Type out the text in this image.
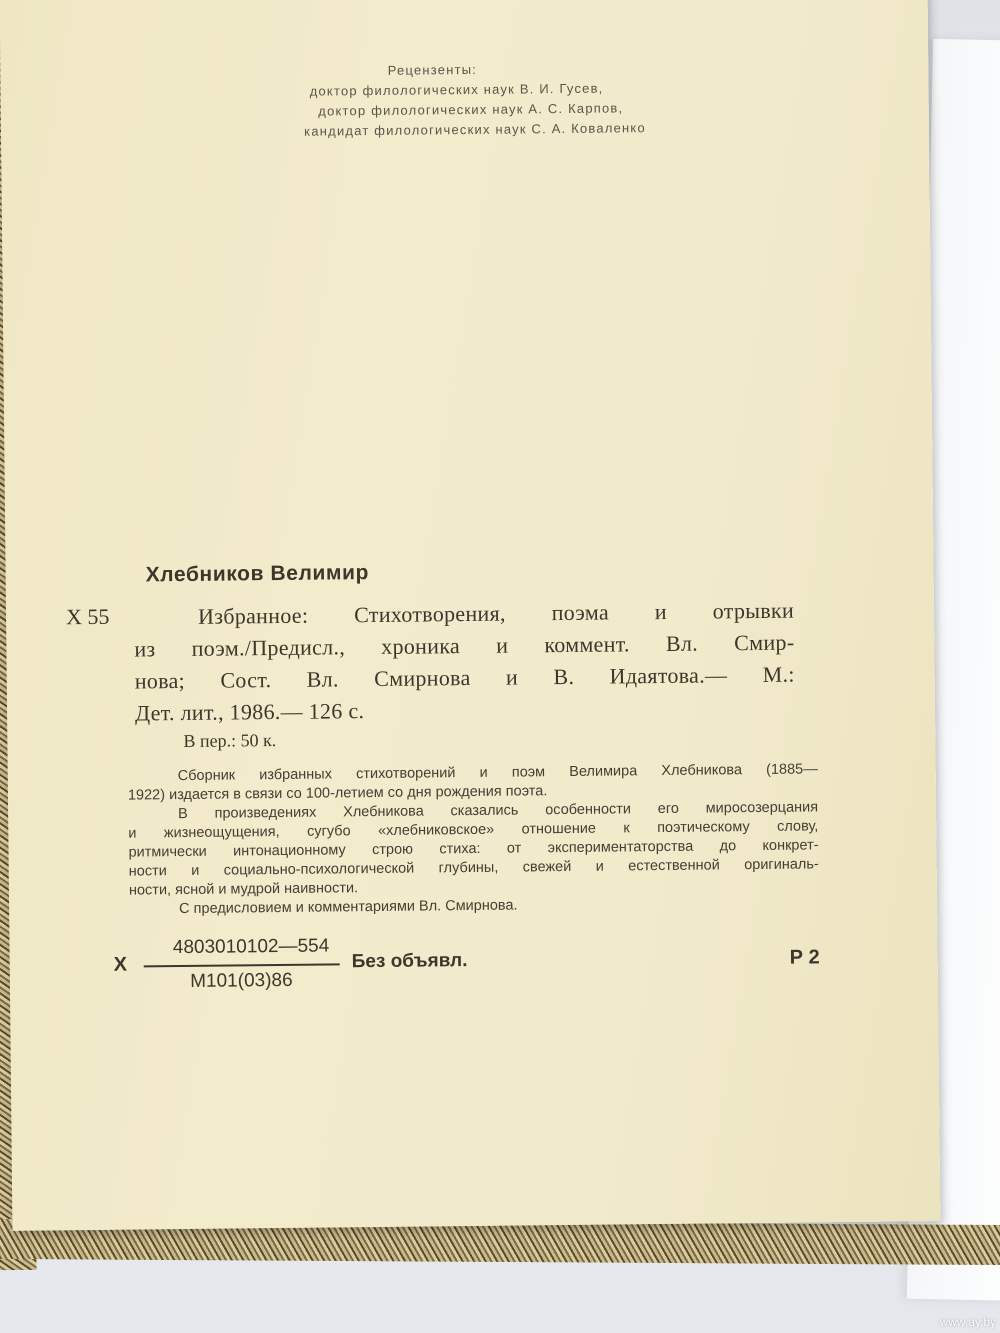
Рецензенты:
доктор филологических наук В. И. Гусев,
доктор филологических наук А. С. Карпов,
кандидат филологических наук С. А. Коваленко
Хлебников Велимир
Х 55	Избранное: Стихотворения, поэма и отрывки
из поэм./Предисл., хроника и коммент. Вл. Смир-
нова; Сост. Вл. Смирнова и В. Идаятова.— М.:
Дет. лит., 1986.— 126 с.
В пер.: 50 к.
Сборник избранных стихотворений и поэм Велимира Хлебникова (1885—
1922) издается в связи со 100-летием со дня рождения поэта.
В произведениях Хлебникова сказались особенности его миросозерцания
и жизнеощущения, сугубо «хлебниковское» отношение к поэтическому слову,
ритмически интонационному строю стиха: от экспериментаторства до конкрет-
ности и социально-психологической глубины, свежей и естественной оригиналь-
ности, ясной и мудрой наивности.
С предисловием и комментариями Вл. Смирнова.
Х
4803010102—554
М101(03)86
Без объявл.	Р 2
www.ay.by
